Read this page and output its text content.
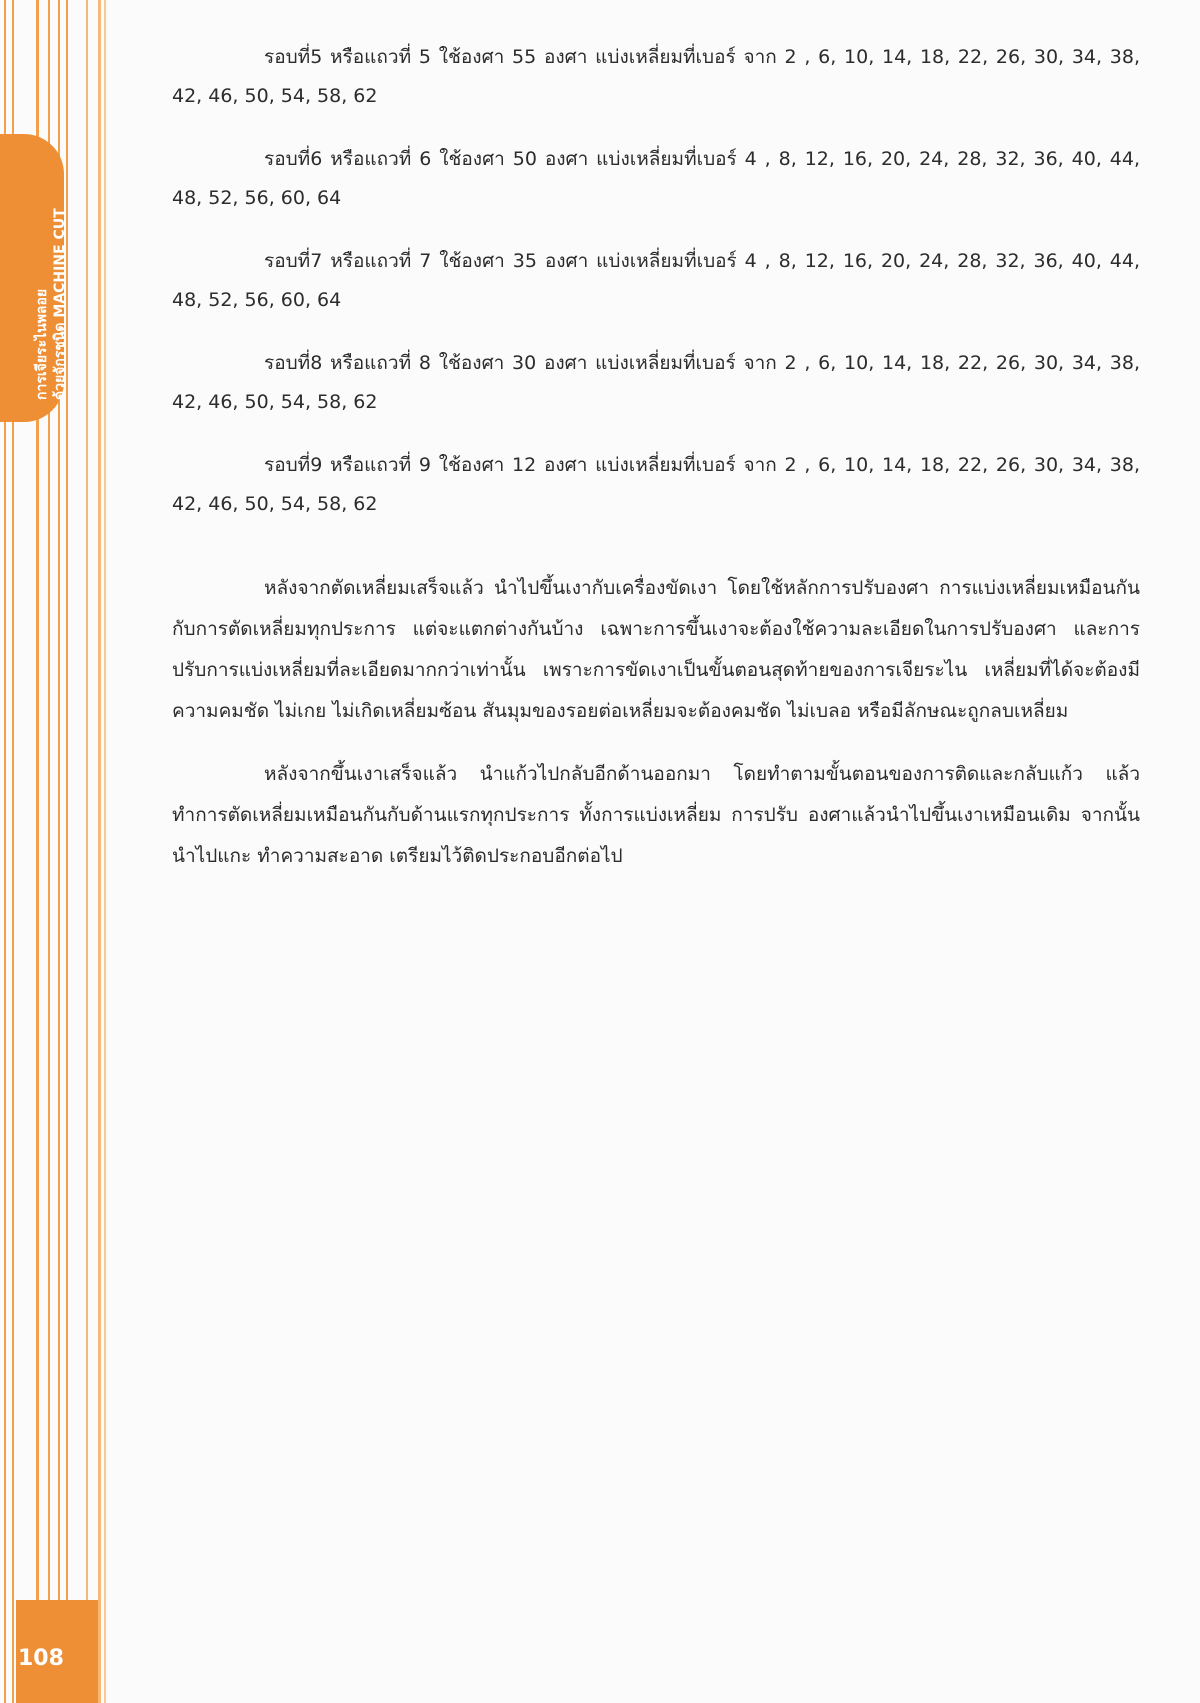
การเจียระไนพลอย ด้วยจักรชนิด MACHINE CUT
108

รอบที่5 หรือแถวที่ 5 ใช้องศา 55 องศา แบ่งเหลี่ยมที่เบอร์ จาก 2 , 6, 10, 14, 18, 22, 26, 30, 34, 38, 42, 46, 50, 54, 58, 62

รอบที่6 หรือแถวที่ 6 ใช้องศา 50 องศา แบ่งเหลี่ยมที่เบอร์ 4 , 8, 12, 16, 20, 24, 28, 32, 36, 40, 44, 48, 52, 56, 60, 64

รอบที่7 หรือแถวที่ 7 ใช้องศา 35 องศา แบ่งเหลี่ยมที่เบอร์ 4 , 8, 12, 16, 20, 24, 28, 32, 36, 40, 44, 48, 52, 56, 60, 64

รอบที่8 หรือแถวที่ 8 ใช้องศา 30 องศา แบ่งเหลี่ยมที่เบอร์ จาก 2 , 6, 10, 14, 18, 22, 26, 30, 34, 38, 42, 46, 50, 54, 58, 62

รอบที่9 หรือแถวที่ 9 ใช้องศา 12 องศา แบ่งเหลี่ยมที่เบอร์ จาก 2 , 6, 10, 14, 18, 22, 26, 30, 34, 38, 42, 46, 50, 54, 58, 62

หลังจากตัดเหลี่ยมเสร็จแล้ว นำไปขึ้นเงากับเครื่องขัดเงา โดยใช้หลักการปรับองศา การแบ่งเหลี่ยมเหมือนกันกับการตัดเหลี่ยมทุกประการ แต่จะแตกต่างกันบ้าง เฉพาะการขึ้นเงาจะต้องใช้ความละเอียดในการปรับองศา และการปรับการแบ่งเหลี่ยมที่ละเอียดมากกว่าเท่านั้น เพราะการขัดเงาเป็นขั้นตอนสุดท้ายของการเจียระไน เหลี่ยมที่ได้จะต้องมีความคมชัด ไม่เกย ไม่เกิดเหลี่ยมซ้อน สันมุมของรอยต่อเหลี่ยมจะต้องคมชัด ไม่เบลอ หรือมีลักษณะถูกลบเหลี่ยม

หลังจากขึ้นเงาเสร็จแล้ว นำแก้วไปกลับอีกด้านออกมา โดยทำตามขั้นตอนของการติดและกลับแก้ว แล้วทำการตัดเหลี่ยมเหมือนกันกับด้านแรกทุกประการ ทั้งการแบ่งเหลี่ยม การปรับ องศาแล้วนำไปขึ้นเงาเหมือนเดิม จากนั้นนำไปแกะ ทำความสะอาด เตรียมไว้ติดประกอบอีกต่อไป
